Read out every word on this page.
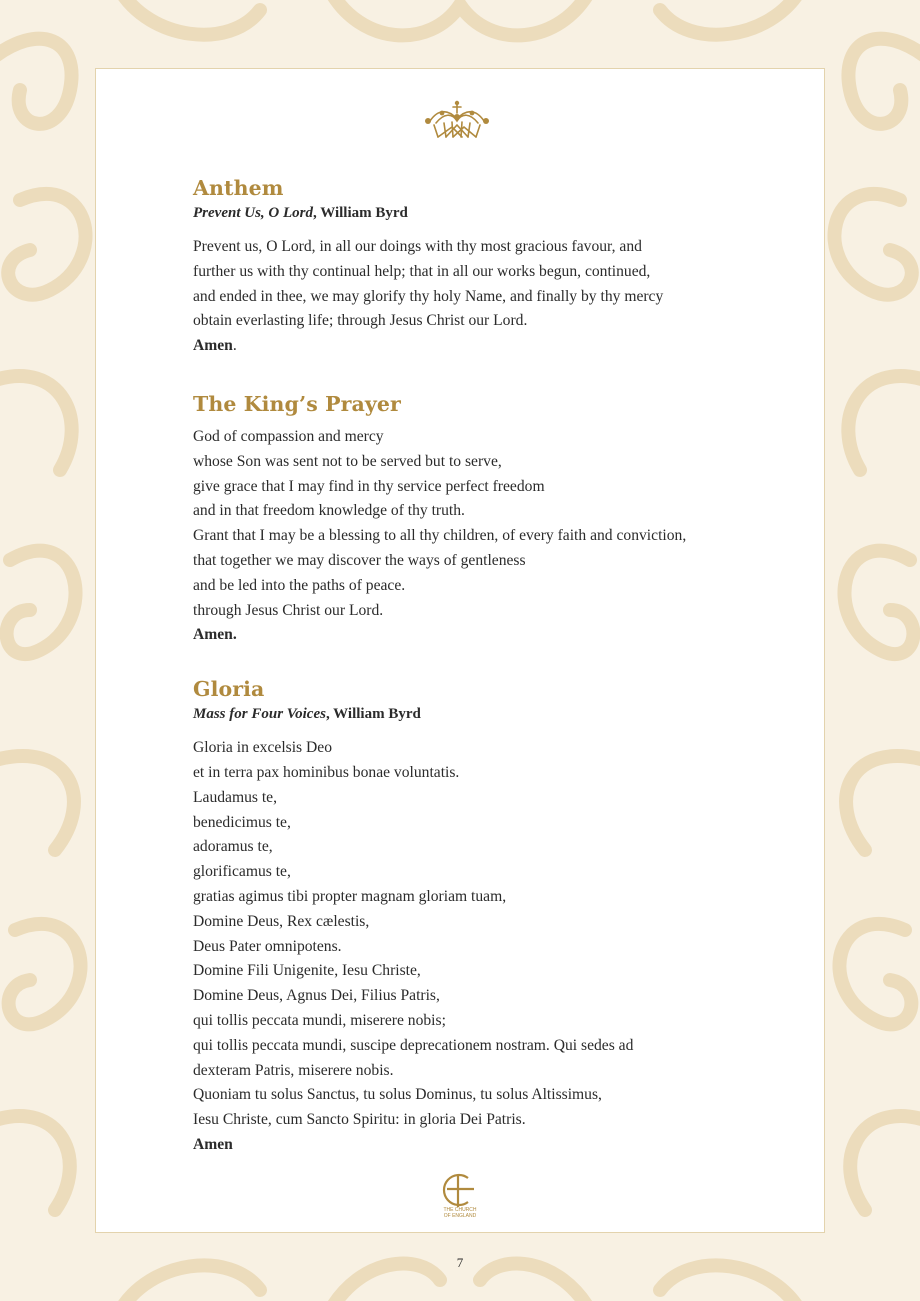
Anthem
Prevent Us, O Lord, William Byrd
Prevent us, O Lord, in all our doings with thy most gracious favour, and
further us with thy continual help; that in all our works begun, continued,
and ended in thee, we may glorify thy holy Name, and finally by thy mercy
obtain everlasting life; through Jesus Christ our Lord.
Amen.
The King’s Prayer
God of compassion and mercy
whose Son was sent not to be served but to serve,
give grace that I may find in thy service perfect freedom
and in that freedom knowledge of thy truth.
Grant that I may be a blessing to all thy children, of every faith and conviction,
that together we may discover the ways of gentleness
and be led into the paths of peace.
through Jesus Christ our Lord.
Amen.
Gloria
Mass for Four Voices, William Byrd
Gloria in excelsis Deo
et in terra pax hominibus bonae voluntatis.
Laudamus te,
benedicimus te,
adoramus te,
glorificamus te,
gratias agimus tibi propter magnam gloriam tuam,
Domine Deus, Rex cælestis,
Deus Pater omnipotens.
Domine Fili Unigenite, Iesu Christe,
Domine Deus, Agnus Dei, Filius Patris,
qui tollis peccata mundi, miserere nobis;
qui tollis peccata mundi, suscipe deprecationem nostram. Qui sedes ad
dexteram Patris, miserere nobis.
Quoniam tu solus Sanctus, tu solus Dominus, tu solus Altissimus,
Iesu Christe, cum Sancto Spiritu: in gloria Dei Patris.
Amen
THE CHURCH
OF ENGLAND
7
